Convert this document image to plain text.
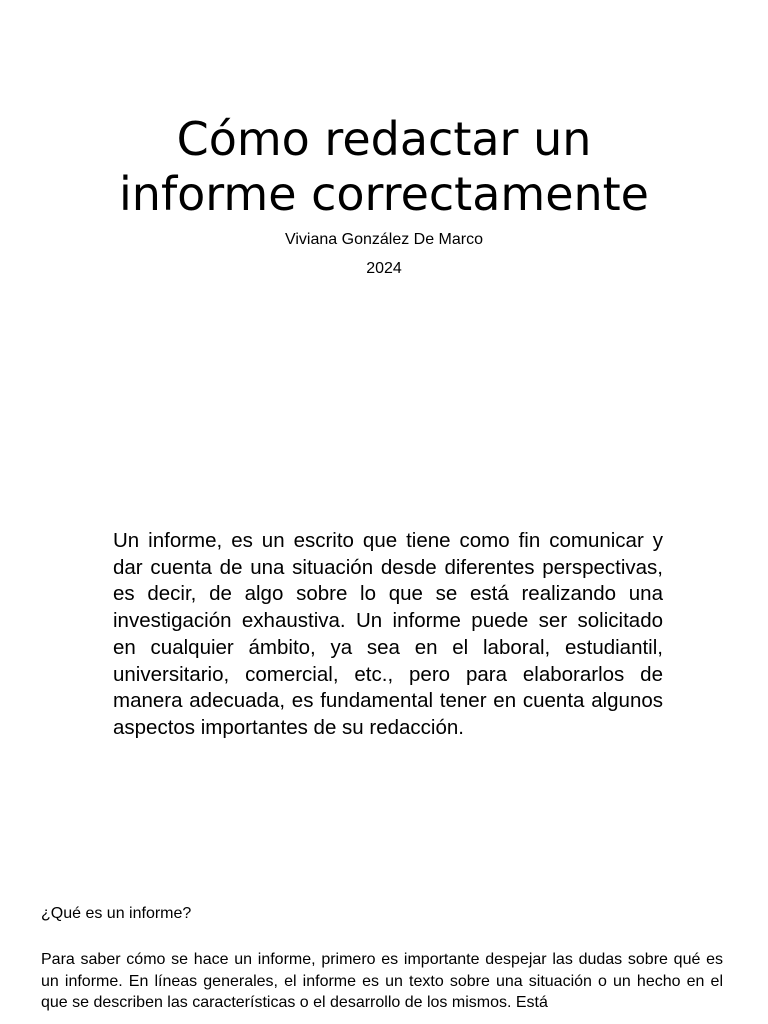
Cómo redactar un
informe correctamente
Viviana González De Marco
2024

Un informe, es un escrito que tiene como fin comunicar y dar cuenta de una situación desde diferentes perspectivas, es decir, de algo sobre lo que se está realizando una investigación exhaustiva. Un informe puede ser solicitado en cualquier ámbito, ya sea en el laboral, estudiantil, universitario, comercial, etc., pero para elaborarlos de manera adecuada, es fundamental tener en cuenta algunos aspectos importantes de su redacción.

¿Qué es un informe?

Para saber cómo se hace un informe, primero es importante despejar las dudas sobre qué es un informe. En líneas generales, el informe es un texto sobre una situación o un hecho en el que se describen las características o el desarrollo de los mismos. Está
